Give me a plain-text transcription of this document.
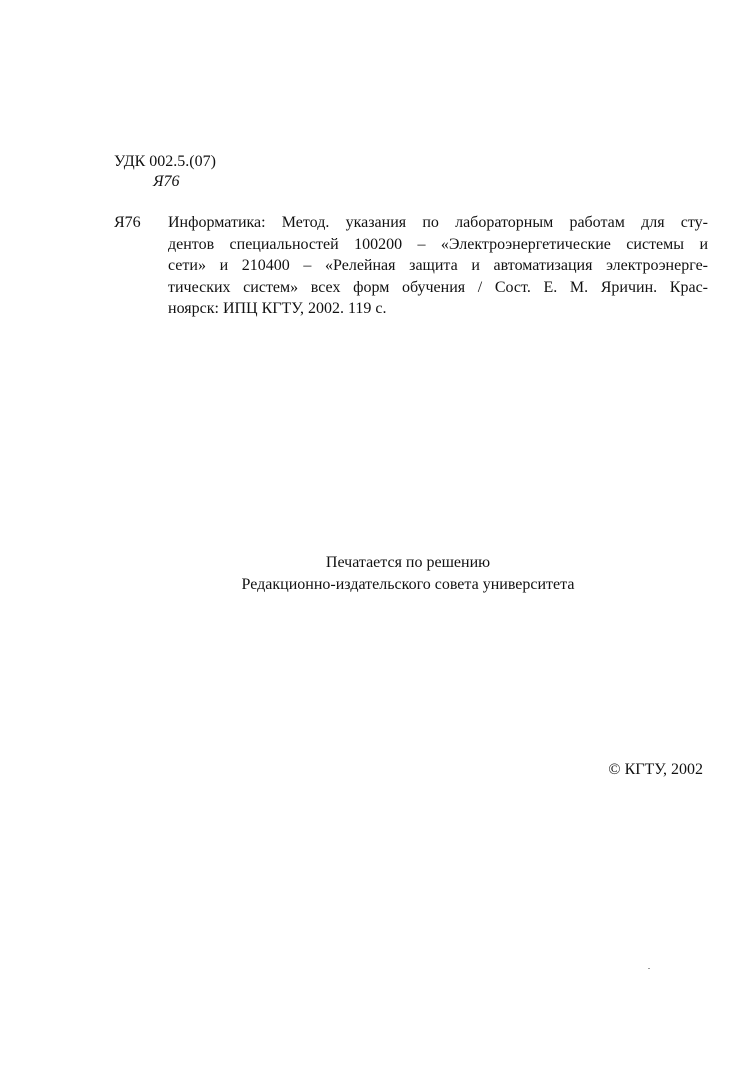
УДК 002.5.(07)
Я76
Я76 Информатика: Метод. указания по лабораторным работам для сту-
дентов специальностей 100200 – «Электроэнергетические системы и
сети» и 210400 – «Релейная защита и автоматизация электроэнерге-
тических систем» всех форм обучения / Сост. Е. М. Яричин. Крас-
ноярск: ИПЦ КГТУ, 2002. 119 с.
Печатается по решению
Редакционно-издательского совета университета
© КГТУ, 2002
